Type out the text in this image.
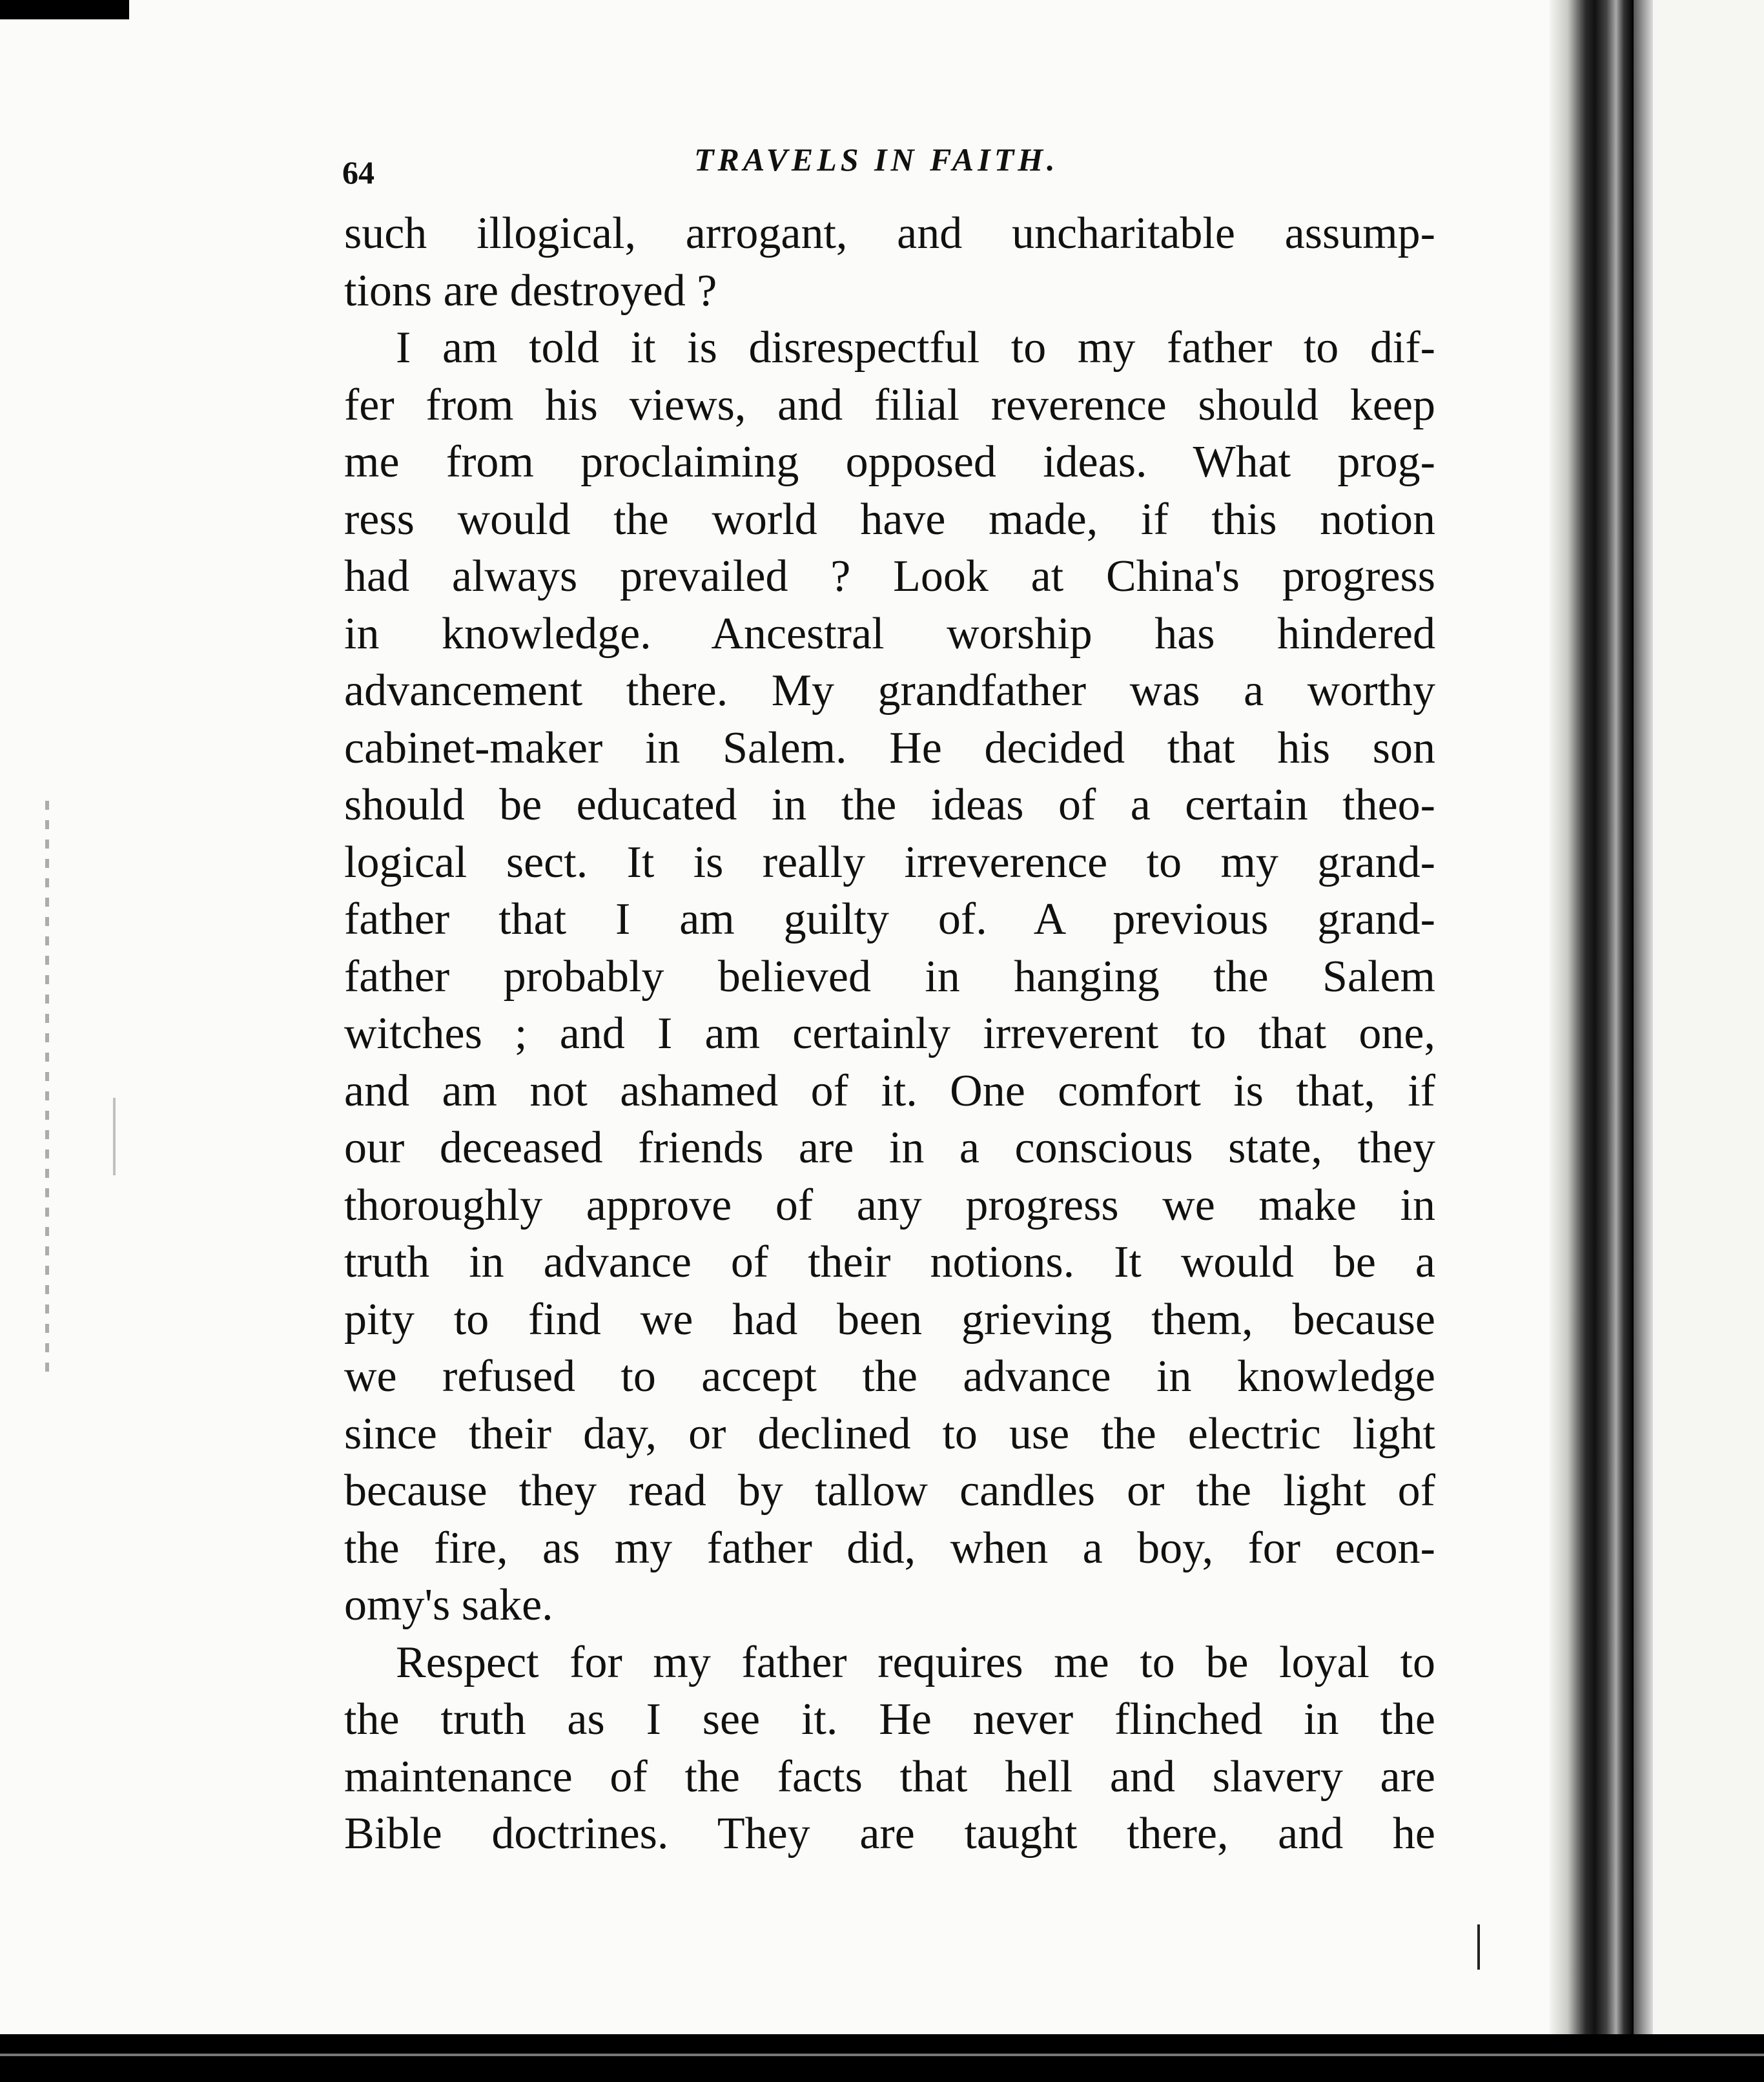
64	TRAVELS IN FAITH.
such illogical, arrogant, and uncharitable assump-
tions are destroyed ?
I am told it is disrespectful to my father to dif-
fer from his views, and filial reverence should keep
me from proclaiming opposed ideas. What prog-
ress would the world have made, if this notion
had always prevailed ? Look at China's progress
in knowledge. Ancestral worship has hindered
advancement there. My grandfather was a worthy
cabinet-maker in Salem. He decided that his son
should be educated in the ideas of a certain theo-
logical sect. It is really irreverence to my grand-
father that I am guilty of. A previous grand-
father probably believed in hanging the Salem
witches ; and I am certainly irreverent to that one,
and am not ashamed of it. One comfort is that, if
our deceased friends are in a conscious state, they
thoroughly approve of any progress we make in
truth in advance of their notions. It would be a
pity to find we had been grieving them, because
we refused to accept the advance in knowledge
since their day, or declined to use the electric light
because they read by tallow candles or the light of
the fire, as my father did, when a boy, for econ-
omy's sake.
Respect for my father requires me to be loyal to
the truth as I see it. He never flinched in the
maintenance of the facts that hell and slavery are
Bible doctrines. They are taught there, and he
